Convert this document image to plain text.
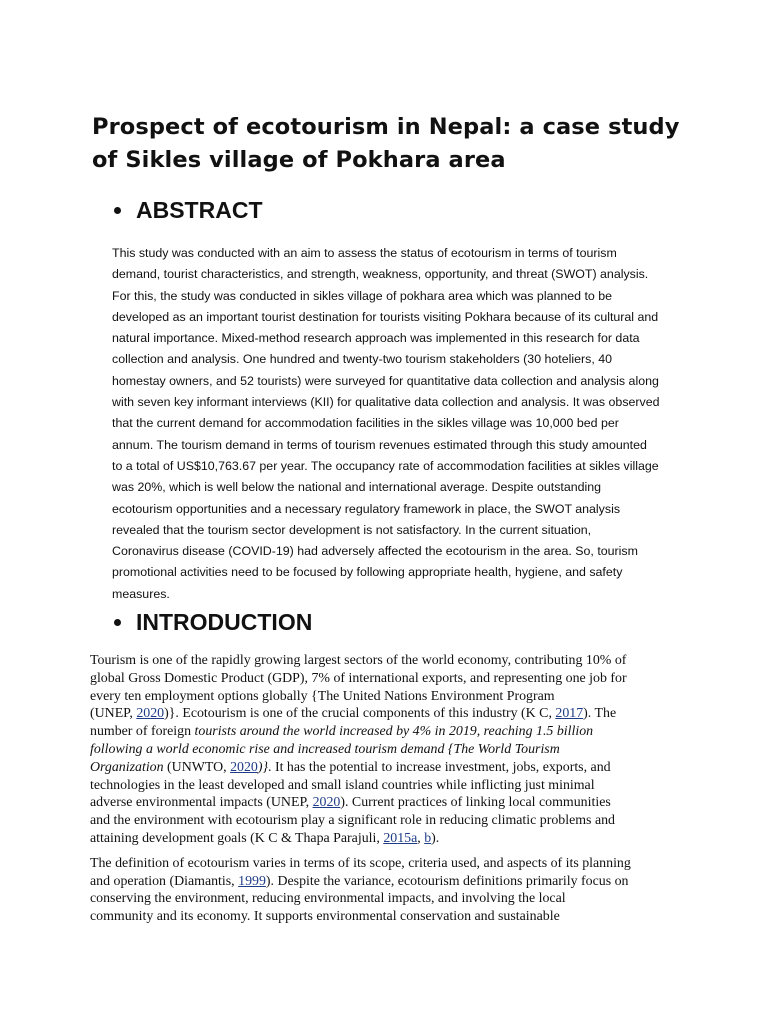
Prospect of ecotourism in Nepal: a case study
of Sikles village of Pokhara area
ABSTRACT
This study was conducted with an aim to assess the status of ecotourism in terms of tourism
demand, tourist characteristics, and strength, weakness, opportunity, and threat (SWOT) analysis.
For this, the study was conducted in sikles village of pokhara area which was planned to be
developed as an important tourist destination for tourists visiting Pokhara because of its cultural and
natural importance. Mixed-method research approach was implemented in this research for data
collection and analysis. One hundred and twenty-two tourism stakeholders (30 hoteliers, 40
homestay owners, and 52 tourists) were surveyed for quantitative data collection and analysis along
with seven key informant interviews (KII) for qualitative data collection and analysis. It was observed
that the current demand for accommodation facilities in the sikles village was 10,000 bed per
annum. The tourism demand in terms of tourism revenues estimated through this study amounted
to a total of US$10,763.67 per year. The occupancy rate of accommodation facilities at sikles village
was 20%, which is well below the national and international average. Despite outstanding
ecotourism opportunities and a necessary regulatory framework in place, the SWOT analysis
revealed that the tourism sector development is not satisfactory. In the current situation,
Coronavirus disease (COVID-19) had adversely affected the ecotourism in the area. So, tourism
promotional activities need to be focused by following appropriate health, hygiene, and safety
measures.
INTRODUCTION

Tourism is one of the rapidly growing largest sectors of the world economy, contributing 10% of
global Gross Domestic Product (GDP), 7% of international exports, and representing one job for
every ten employment options globally {The United Nations Environment Program
(UNEP, 2020)}. Ecotourism is one of the crucial components of this industry (K C, 2017). The
number of foreign tourists around the world increased by 4% in 2019, reaching 1.5 billion
following a world economic rise and increased tourism demand {The World Tourism
Organization (UNWTO, 2020)}. It has the potential to increase investment, jobs, exports, and
technologies in the least developed and small island countries while inflicting just minimal
adverse environmental impacts (UNEP, 2020). Current practices of linking local communities
and the environment with ecotourism play a significant role in reducing climatic problems and
attaining development goals (K C & Thapa Parajuli, 2015a, b).

The definition of ecotourism varies in terms of its scope, criteria used, and aspects of its planning
and operation (Diamantis, 1999). Despite the variance, ecotourism definitions primarily focus on
conserving the environment, reducing environmental impacts, and involving the local
community and its economy. It supports environmental conservation and sustainable
